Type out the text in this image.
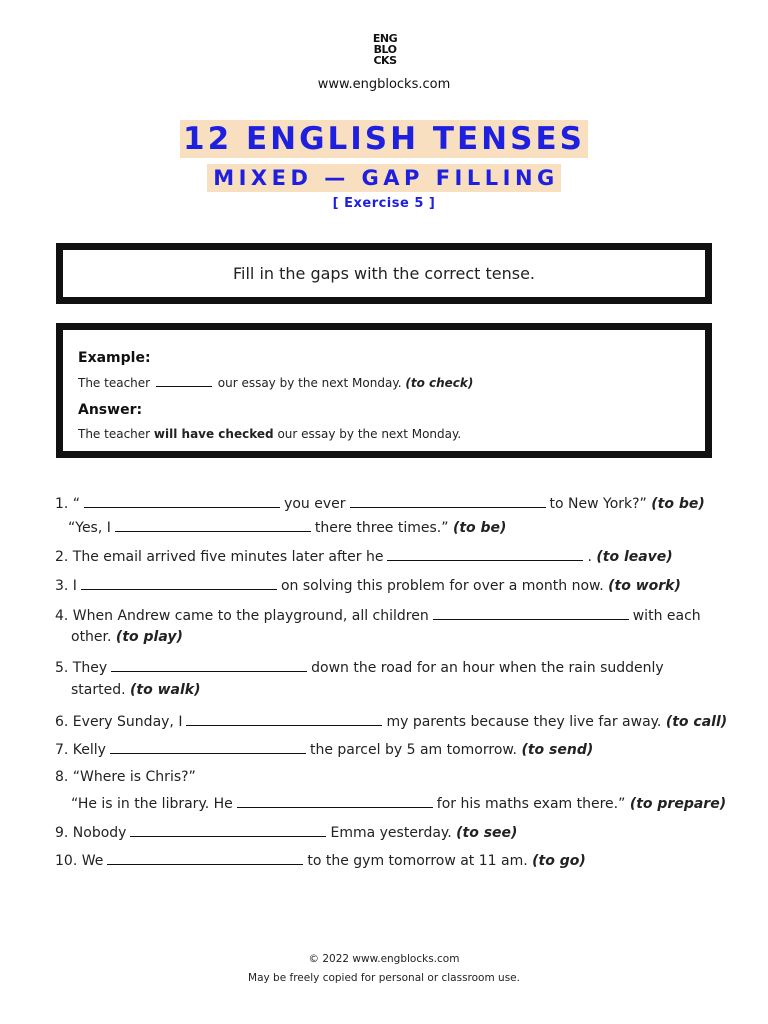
ENG
BLO
CKS
www.engblocks.com
12 ENGLISH TENSES
MIXED — GAP FILLING
[ Exercise 5 ]
Fill in the gaps with the correct tense.
Example:
The teacher	our essay by the next Monday. (to check)
Answer:
The teacher will have checked our essay by the next Monday.
1. “	you ever	to New York?” (to be)
“Yes, I	there three times.” (to be)
2. The email arrived five minutes later after he	. (to leave)
3. I	on solving this problem for over a month now. (to work)
4. When Andrew came to the playground, all children	with each
other. (to play)
5. They	down the road for an hour when the rain suddenly
started. (to walk)
6. Every Sunday, I	my parents because they live far away. (to call)
7. Kelly	the parcel by 5 am tomorrow. (to send)
8. “Where is Chris?”
“He is in the library. He	for his maths exam there.” (to prepare)
9. Nobody	Emma yesterday. (to see)
10. We	to the gym tomorrow at 11 am. (to go)
© 2022 www.engblocks.com
May be freely copied for personal or classroom use.
